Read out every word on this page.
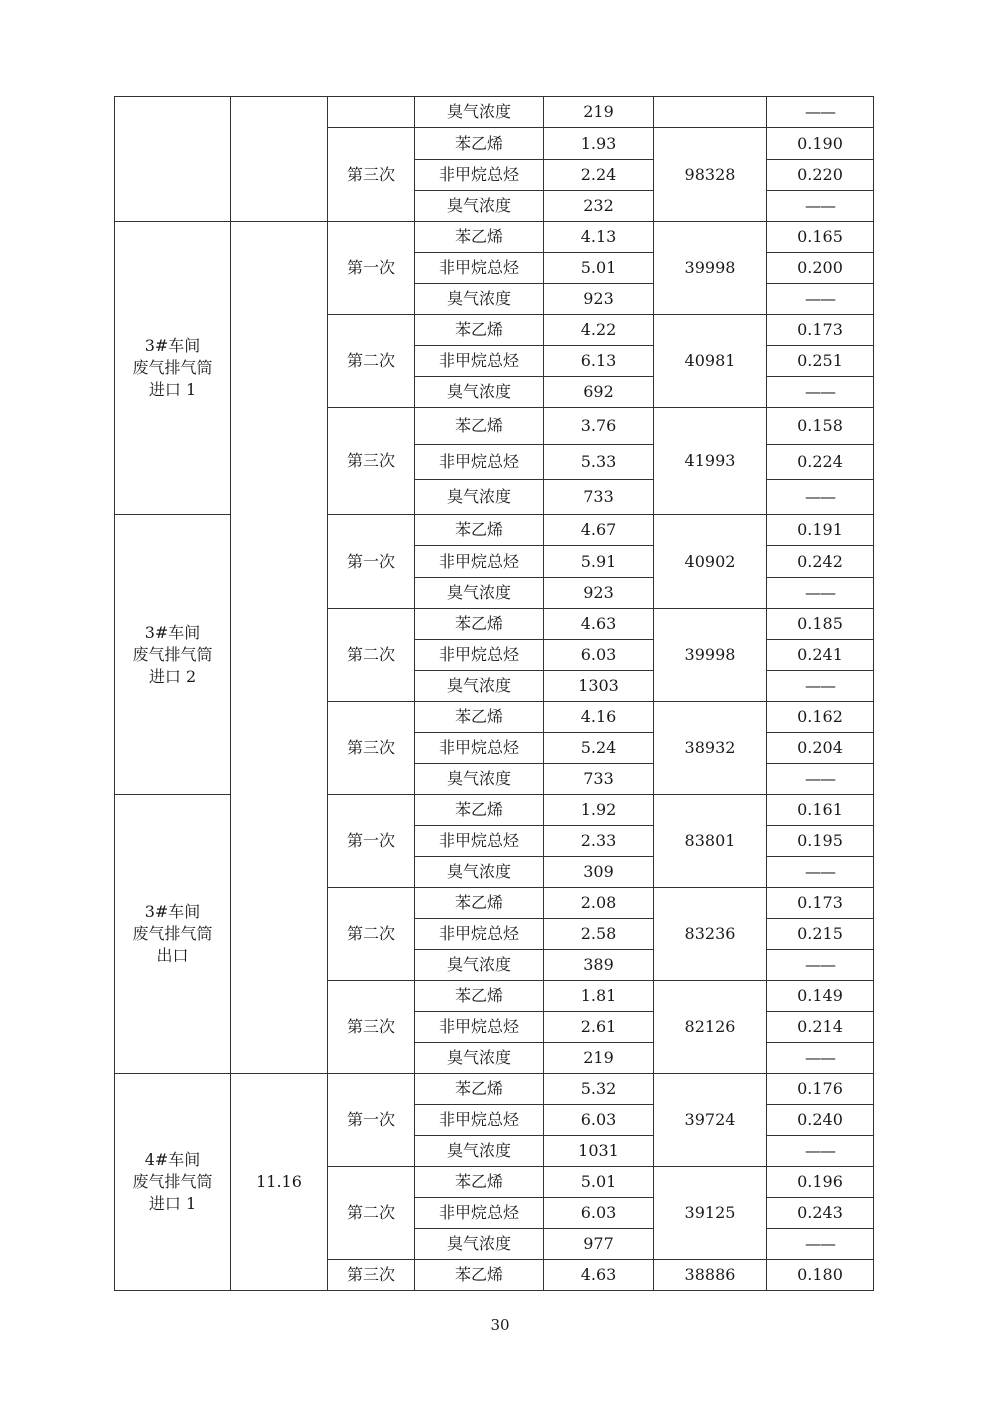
			臭气浓度	219		——
		第三次	苯乙烯	1.93	98328	0.190
			非甲烷总烃	2.24		0.220
			臭气浓度	232		——

3#车间
废气排气筒
进口 1		第一次	苯乙烯	4.13	39998	0.165
			非甲烷总烃	5.01		0.200
			臭气浓度	923		——
		第二次	苯乙烯	4.22	40981	0.173
			非甲烷总烃	6.13		0.251
			臭气浓度	692		——
		第三次	苯乙烯	3.76	41993	0.158
			非甲烷总烃	5.33		0.224
			臭气浓度	733		——

3#车间
废气排气筒
进口 2		第一次	苯乙烯	4.67	40902	0.191
			非甲烷总烃	5.91		0.242
			臭气浓度	923		——
		第二次	苯乙烯	4.63	39998	0.185
			非甲烷总烃	6.03		0.241
			臭气浓度	1303		——
		第三次	苯乙烯	4.16	38932	0.162
			非甲烷总烃	5.24		0.204
			臭气浓度	733		——

3#车间
废气排气筒
出口		第一次	苯乙烯	1.92	83801	0.161
			非甲烷总烃	2.33		0.195
			臭气浓度	309		——
		第二次	苯乙烯	2.08	83236	0.173
			非甲烷总烃	2.58		0.215
			臭气浓度	389		——
		第三次	苯乙烯	1.81	82126	0.149
			非甲烷总烃	2.61		0.214
			臭气浓度	219		——

4#车间
废气排气筒
进口 1	11.16	第一次	苯乙烯	5.32	39724	0.176
			非甲烷总烃	6.03		0.240
			臭气浓度	1031		——
		第二次	苯乙烯	5.01	39125	0.196
			非甲烷总烃	6.03		0.243
			臭气浓度	977		——
		第三次	苯乙烯	4.63	38886	0.180
30
